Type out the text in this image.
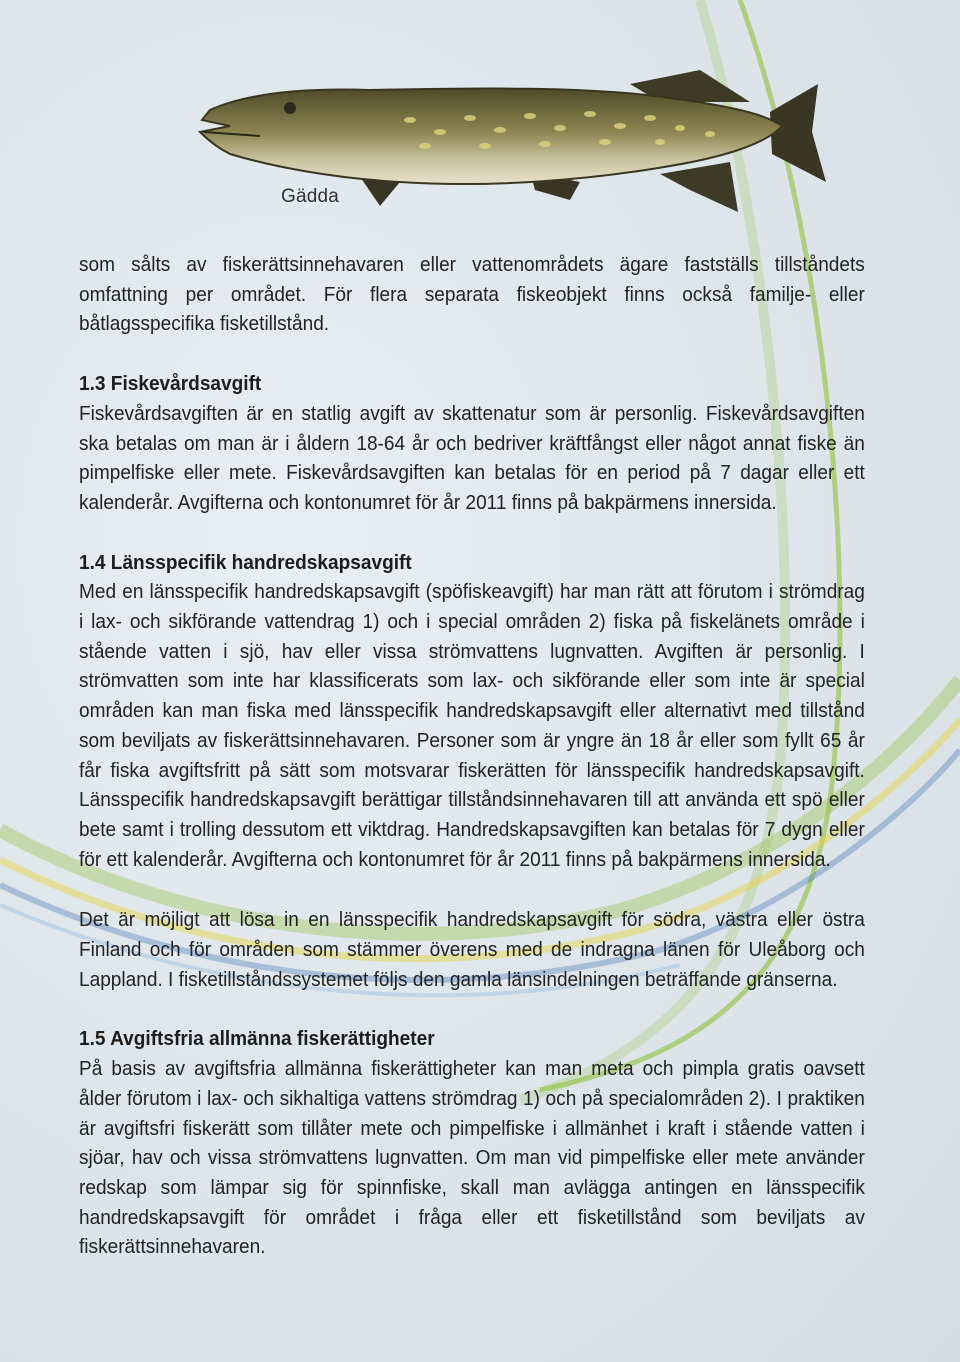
Gädda

som sålts av fiskerättsinnehavaren eller vattenområdets ägare fastställs tillståndets omfattning per området. För flera separata fiskeobjekt finns också familje- eller båtlagsspecifika fisketillstånd.

1.3 Fiskevårdsavgift

Fiskevårdsavgiften är en statlig avgift av skattenatur som är personlig. Fiskevårdsavgiften ska betalas om man är i åldern 18-64 år och bedriver kräftfångst eller något annat fiske än pimpelfiske eller mete. Fiskevårdsavgiften kan betalas för en period på 7 dagar eller ett kalenderår. Avgifterna och kontonumret för år 2011 finns på bakpärmens innersida.

1.4 Länsspecifik handredskapsavgift

Med en länsspecifik handredskapsavgift (spöfiskeavgift) har man rätt att förutom i strömdrag i lax- och sikförande vattendrag 1) och i special områden 2) fiska på fiskelänets område i stående vatten i sjö, hav eller vissa strömvattens lugnvatten. Avgiften är personlig. I strömvatten som inte har klassificerats som lax- och sikförande eller som inte är special områden kan man fiska med länsspecifik handredskapsavgift eller alternativt med tillstånd som beviljats av fiskerättsinnehavaren. Personer som är yngre än 18 år eller som fyllt 65 år får fiska avgiftsfritt på sätt som motsvarar fiskerätten för länsspecifik handredskapsavgift. Länsspecifik handredskapsavgift berättigar tillståndsinnehavaren till att använda ett spö eller bete samt i trolling dessutom ett viktdrag. Handredskapsavgiften kan betalas för 7 dygn eller för ett kalenderår. Avgifterna och kontonumret för år 2011 finns på bakpärmens innersida.

Det är möjligt att lösa in en länsspecifik handredskapsavgift för södra, västra eller östra Finland och för områden som stämmer överens med de indragna länen för Uleåborg och Lappland. I fisketillståndssystemet följs den gamla länsindelningen beträffande gränserna.

1.5 Avgiftsfria allmänna fiskerättigheter

På basis av avgiftsfria allmänna fiskerättigheter kan man meta och pimpla gratis oavsett ålder förutom i lax- och sikhaltiga vattens strömdrag 1) och på specialområden 2). I praktiken är avgiftsfri fiskerätt som tillåter mete och pimpelfiske i allmänhet i kraft i stående vatten i sjöar, hav och vissa strömvattens lugnvatten. Om man vid pimpelfiske eller mete använder redskap som lämpar sig för spinnfiske, skall man avlägga antingen en länsspecifik handredskapsavgift för området i fråga eller ett fisketillstånd som beviljats av fiskerättsinnehavaren.
